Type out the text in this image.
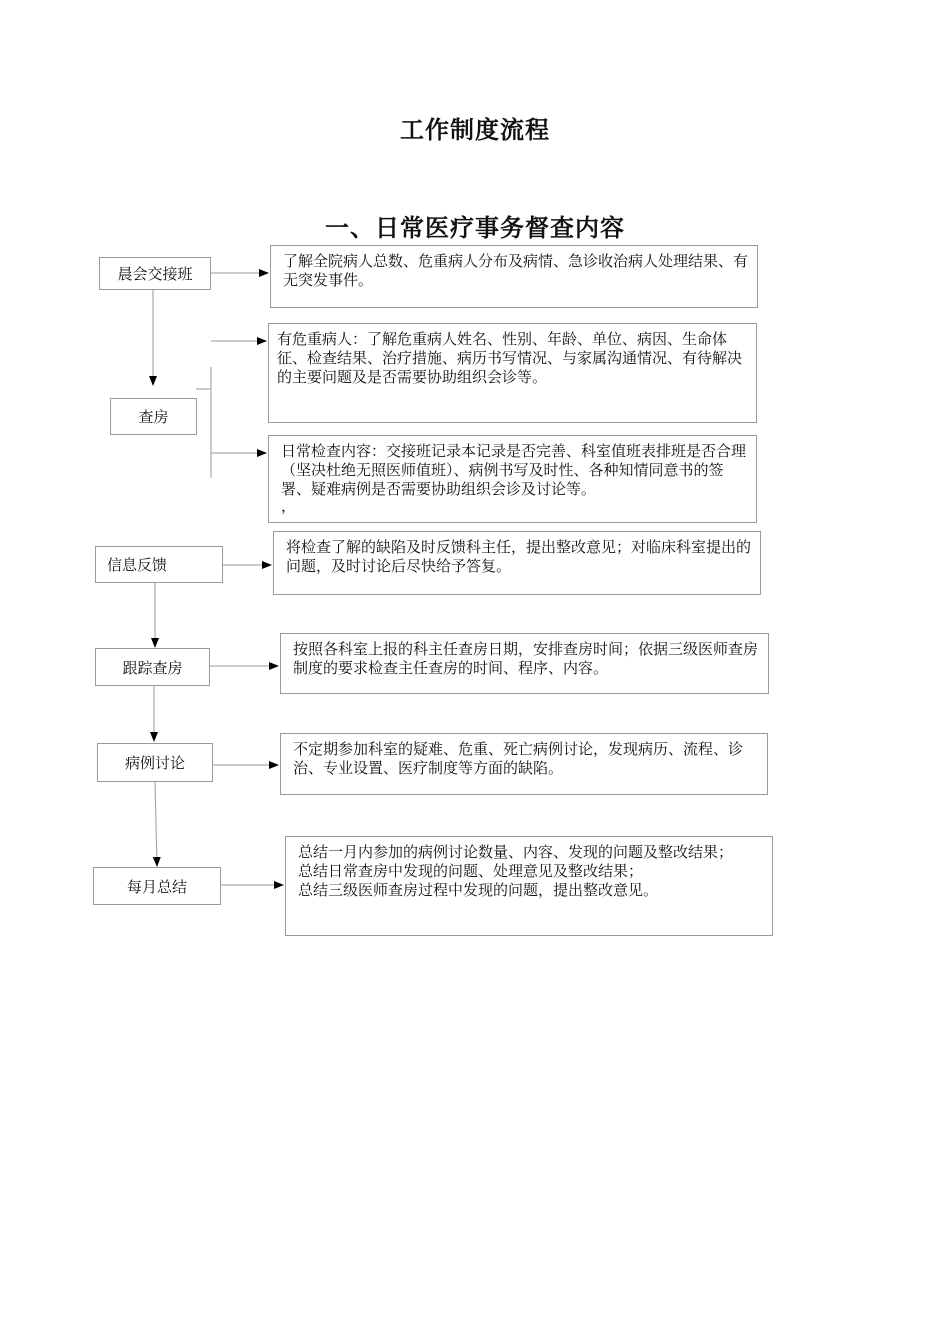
工作制度流程
一、日常医疗事务督查内容
晨会交接班
查房
信息反馈
跟踪查房
病例讨论
每月总结

了解全院病人总数、危重病人分布及病情、急诊收治病人处理结果、有无突发事件。

有危重病人：了解危重病人姓名、性别、年龄、单位、病因、生命体征、检查结果、治疗措施、病历书写情况、与家属沟通情况、有待解决的主要问题及是否需要协助组织会诊等。

日常检查内容：交接班记录本记录是否完善、科室值班表排班是否合理（坚决杜绝无照医师值班）、病例书写及时性、各种知情同意书的签署、疑难病例是否需要协助组织会诊及讨论等。

，

将检查了解的缺陷及时反馈科主任，提出整改意见；对临床科室提出的问题，及时讨论后尽快给予答复。

按照各科室上报的科主任查房日期，安排查房时间；依据三级医师查房制度的要求检查主任查房的时间、程序、内容。

不定期参加科室的疑难、危重、死亡病例讨论，发现病历、流程、诊治、专业设置、医疗制度等方面的缺陷。

总结一月内参加的病例讨论数量、内容、发现的问题及整改结果；

总结日常查房中发现的问题、处理意见及整改结果；

总结三级医师查房过程中发现的问题，提出整改意见。
